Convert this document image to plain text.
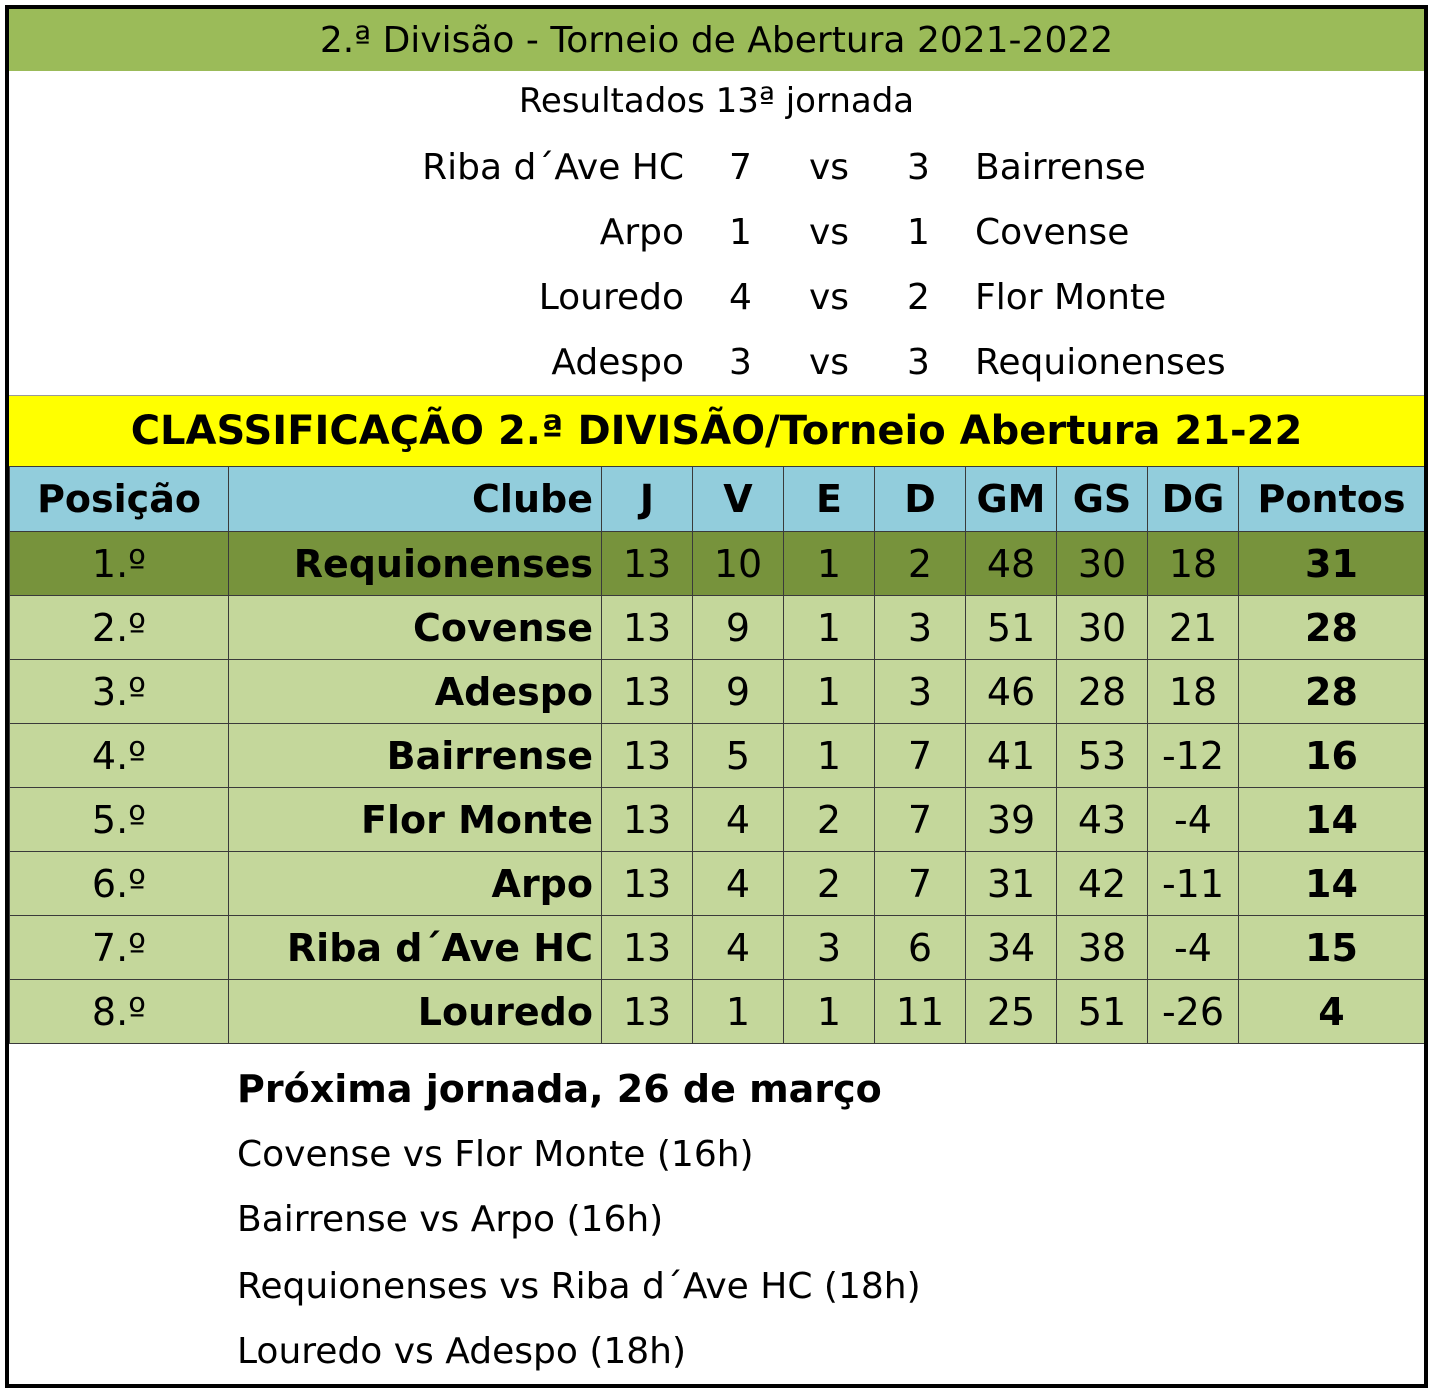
2.ª Divisão - Torneio de Abertura 2021-2022
Resultados 13ª jornada
Riba d´Ave HC 7 vs 3 Bairrense
Arpo 1 vs 1 Covense
Louredo 4 vs 2 Flor Monte
Adespo 3 vs 3 Requionenses
CLASSIFICAÇÃO 2.ª DIVISÃO/Torneio Abertura 21-22
Posição	Clube	J	V	E	D	GM	GS	DG	Pontos
1.º	Requionenses	13	10	1	2	48	30	18	31
2.º	Covense	13	9	1	3	51	30	21	28
3.º	Adespo	13	9	1	3	46	28	18	28
4.º	Bairrense	13	5	1	7	41	53	-12	16
5.º	Flor Monte	13	4	2	7	39	43	-4	14
6.º	Arpo	13	4	2	7	31	42	-11	14
7.º	Riba d´Ave HC	13	4	3	6	34	38	-4	15
8.º	Louredo	13	1	1	11	25	51	-26	4
Próxima jornada, 26 de março
Covense vs Flor Monte (16h)
Bairrense vs Arpo (16h)
Requionenses vs Riba d´Ave HC (18h)
Louredo vs Adespo (18h)
